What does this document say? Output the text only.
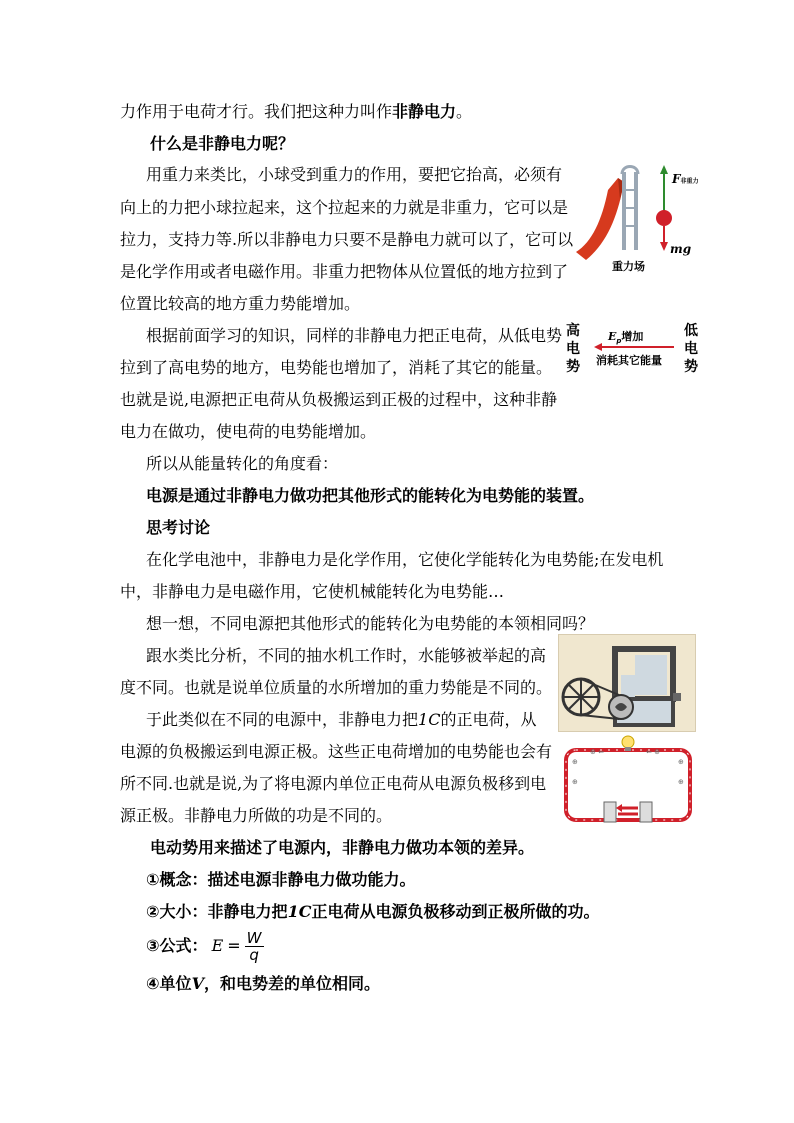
力作用于电荷才行。我们把这种力叫作非静电力。
什么是非静电力呢？
用重力来类比，小球受到重力的作用，要把它抬高，必须有
向上的力把小球拉起来，这个拉起来的力就是非重力，它可以是
拉力，支持力等.所以非静电力只要不是静电力就可以了，它可以
是化学作用或者电磁作用。非重力把物体从位置低的地方拉到了
位置比较高的地方重力势能增加。
根据前面学习的知识，同样的非静电力把正电荷，从低电势
拉到了高电势的地方，电势能也增加了，消耗了其它的能量。
也就是说,电源把正电荷从负极搬运到正极的过程中，这种非静
电力在做功，使电荷的电势能增加。
所以从能量转化的角度看：
电源是通过非静电力做功把其他形式的能转化为电势能的装置。
思考讨论
在化学电池中，非静电力是化学作用，它使化学能转化为电势能;在发电机
中，非静电力是电磁作用，它使机械能转化为电势能…
想一想，不同电源把其他形式的能转化为电势能的本领相同吗？
跟水类比分析，不同的抽水机工作时，水能够被举起的高
度不同。也就是说单位质量的水所增加的重力势能是不同的。
于此类似在不同的电源中，非静电力把1C的正电荷，从
电源的负极搬运到电源正极。这些正电荷增加的电势能也会有
所不同.也就是说,为了将电源内单位正电荷从电源负极移到电
源正极。非静电力所做的功是不同的。
电动势用来描述了电源内，非静电力做功本领的差异。
①概念：描述电源非静电力做功能力。
②大小：非静电力把1C正电荷从电源负极移动到正极所做的功。
③公式： $E = \frac{W}{q}$
④单位V，和电势差的单位相同。
F非重力
mg
重力场
高电势
低电势
$E_p$增加
消耗其它能量
⊕
⊕
⊕
⊕
⊕ ⇐	⇐ ⊕
